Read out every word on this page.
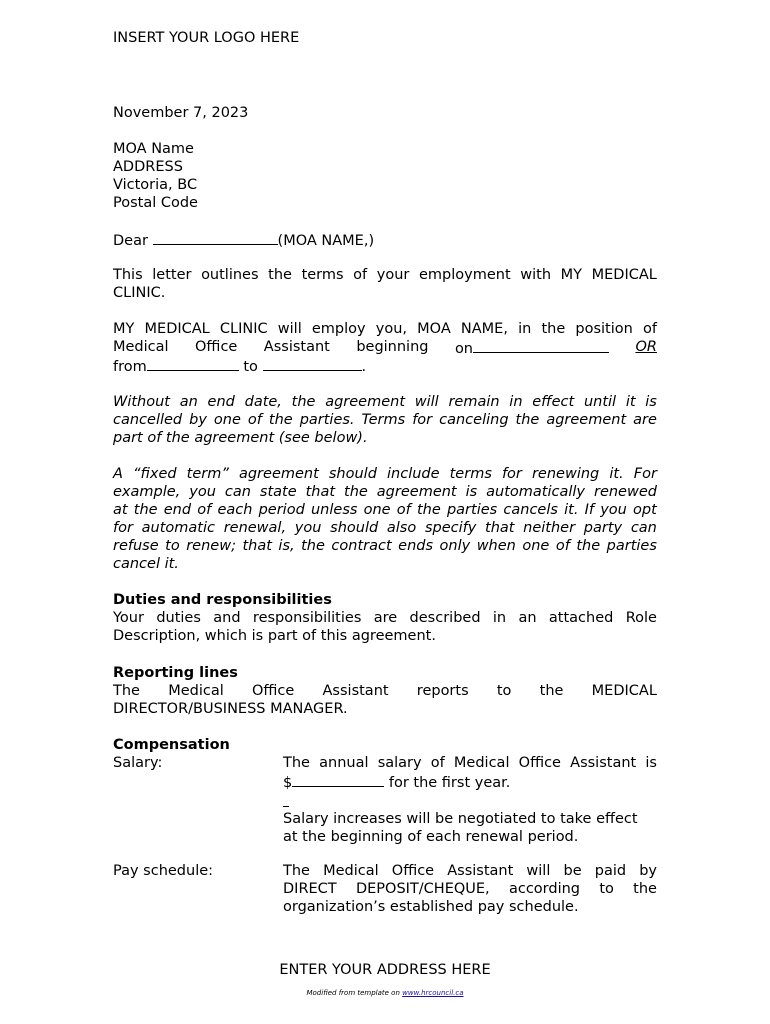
INSERT YOUR LOGO HERE
November 7, 2023
MOA Name
ADDRESS
Victoria, BC
Postal Code
Dear	(MOA NAME,)
This letter outlines the terms of your employment with MY MEDICAL
CLINIC.
MY MEDICAL CLINIC will employ you, MOA NAME, in the position of
Medical Office Assistant beginning on	OR
from	to	.
Without an end date, the agreement will remain in effect until it is
cancelled by one of the parties. Terms for canceling the agreement are
part of the agreement (see below).
A “fixed term” agreement should include terms for renewing it. For
example, you can state that the agreement is automatically renewed
at the end of each period unless one of the parties cancels it. If you opt
for automatic renewal, you should also specify that neither party can
refuse to renew; that is, the contract ends only when one of the parties
cancel it.
Duties and responsibilities
Your duties and responsibilities are described in an attached Role
Description, which is part of this agreement.
Reporting lines
The Medical Office Assistant reports to the MEDICAL
DIRECTOR/BUSINESS MANAGER.
Compensation
Salary:	The annual salary of Medical Office Assistant is
$	for the first year.
Salary increases will be negotiated to take effect
at the beginning of each renewal period.
Pay schedule:	The Medical Office Assistant will be paid by
DIRECT DEPOSIT/CHEQUE, according to the
organization’s established pay schedule.
ENTER YOUR ADDRESS HERE
Modified from template on www.hrcouncil.ca
